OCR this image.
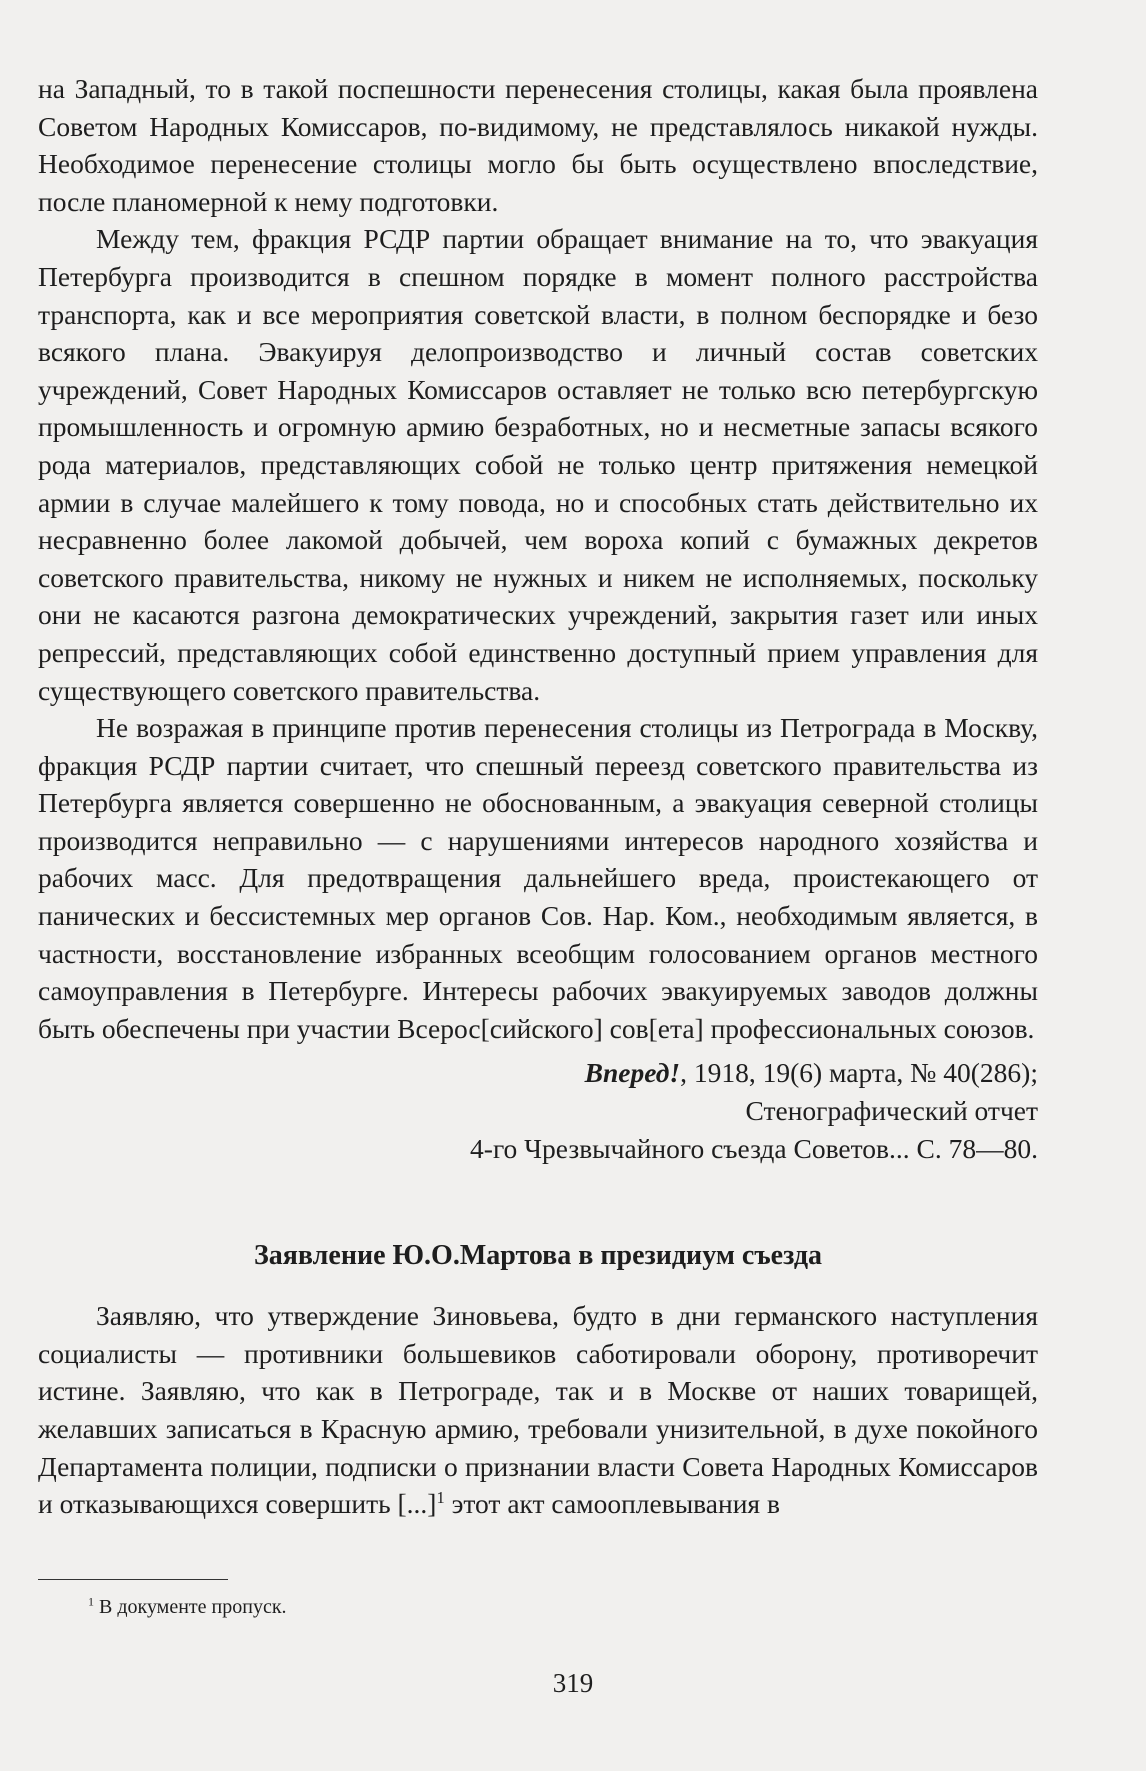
на Западный, то в такой поспешности перенесения столицы, какая была проявлена Советом Народных Комиссаров, по-видимому, не представлялось никакой нужды. Необходимое перенесение столицы могло бы быть осуществлено впоследствие, после планомерной к нему подготовки.

Между тем, фракция РСДР партии обращает внимание на то, что эвакуация Петербурга производится в спешном порядке в момент полного расстройства транспорта, как и все мероприятия советской власти, в полном беспорядке и безо всякого плана. Эвакуируя делопроизводство и личный состав советских учреждений, Совет Народных Комиссаров оставляет не только всю петербургскую промышленность и огромную армию безработных, но и несметные запасы всякого рода материалов, представляющих собой не только центр притяжения немецкой армии в случае малейшего к тому повода, но и способных стать действительно их несравненно более лакомой добычей, чем вороха копий с бумажных декретов советского правительства, никому не нужных и никем не исполняемых, поскольку они не касаются разгона демократических учреждений, закрытия газет или иных репрессий, представляющих собой единственно доступный прием управления для существующего советского правительства.

Не возражая в принципе против перенесения столицы из Петрограда в Москву, фракция РСДР партии считает, что спешный переезд советского правительства из Петербурга является совершенно не обоснованным, а эвакуация северной столицы производится неправильно — с нарушениями интересов народного хозяйства и рабочих масс. Для предотвращения дальнейшего вреда, проистекающего от панических и бессистемных мер органов Сов. Нар. Ком., необходимым является, в частности, восстановление избранных всеобщим голосованием органов местного самоуправления в Петербурге. Интересы рабочих эвакуируемых заводов должны быть обеспечены при участии Всерос[сийского] сов[ета] профессиональных союзов.

Вперед!, 1918, 19(6) марта, № 40(286);
Стенографический отчет
4-го Чрезвычайного съезда Советов... С. 78—80.
Заявление Ю.О.Мартова в президиум съезда

Заявляю, что утверждение Зиновьева, будто в дни германского наступления социалисты — противники большевиков саботировали оборону, противоречит истине. Заявляю, что как в Петрограде, так и в Москве от наших товарищей, желавших записаться в Красную армию, требовали унизительной, в духе покойного Департамента полиции, подписки о признании власти Совета Народных Комиссаров и отказывающихся совершить [...]$^1$ этот акт самооплевывания в

$^1$ В документе пропуск.
319
